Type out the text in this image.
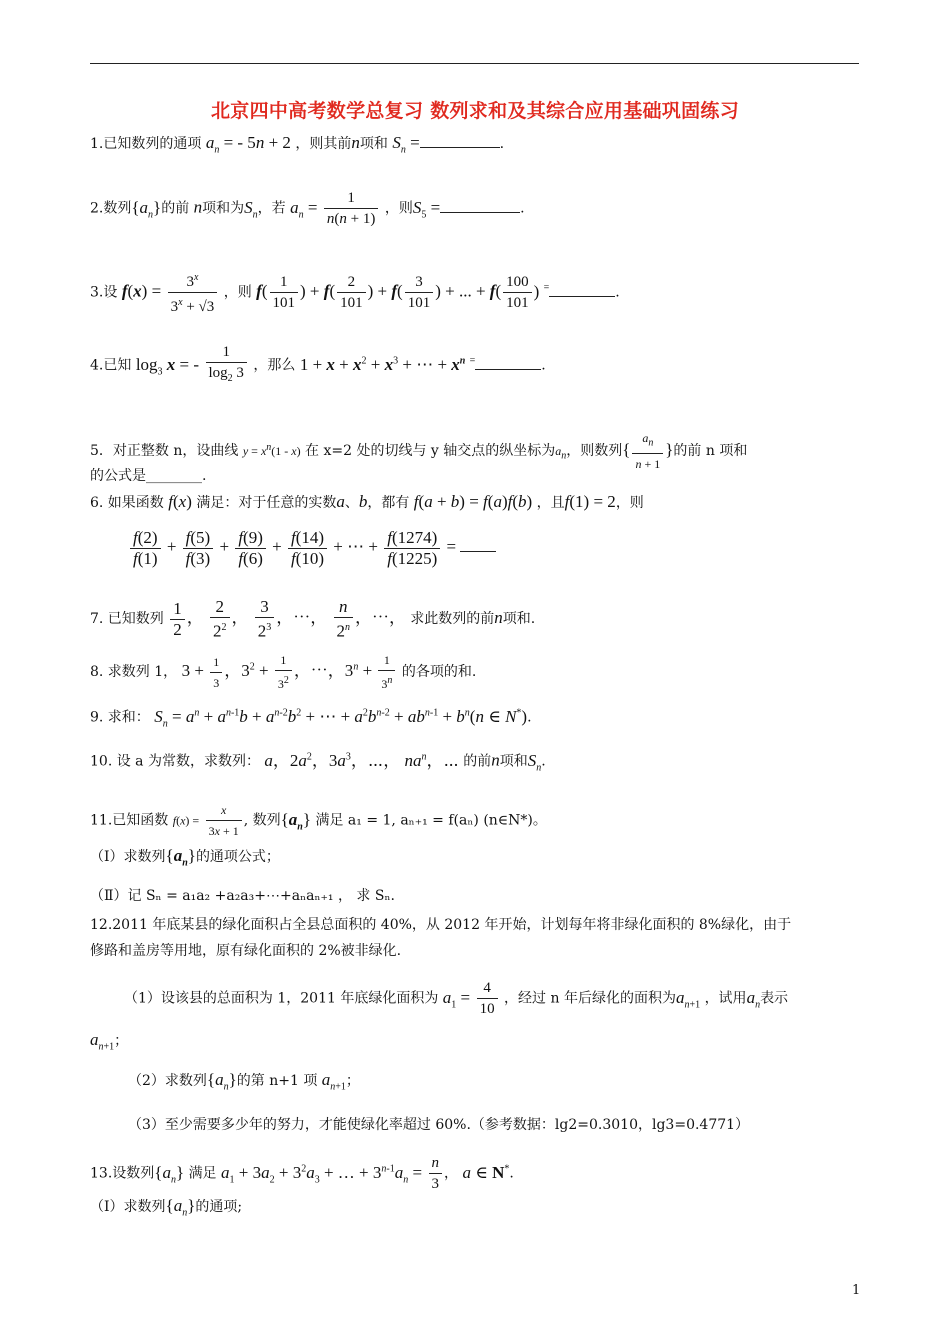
北京四中高考数学总复习 数列求和及其综合应用基础巩固练习
1.已知数列的通项 $a_n$ = - 5n + 2 ，则其前n项和 $S_n$ =	.
2.数列$\{a_n\}$的前 n项和为$S_n$，若 $a_n = \frac{1}{n(n + 1)}$ ，则$S_5$ =	.
3.设 $f(x) = \frac{3^x}{3^x + √3}$ ，则 $f( \frac{1}{101}$ ) + $f( \frac{2}{101}$ ) + $f( \frac{3}{101}$ ) + ... + $f( \frac{100}{101}$ ) =	.
4.已知 $\log_3 x$ = - $\frac{1}{\log_2 3}$ ，那么 $1 + x + x^2 + x^3$ + ⋯ + $x^n$ =	.
5．对正整数 n，设曲线 $y = x^n(1 - x)$ 在 x=2 处的切线与 y 轴交点的纵坐标为$a_n$，则数列{ $\frac{a_n}{n + 1}$ }的前 n 项和
的公式是________.
6. 如果函数 f(x) 满足：对于任意的实数a、b，都有 f(a + b) = f(a)f(b) ，且f(1) = 2，则
$\frac{f(2)}{f(1)} + \frac{f(5)}{f(3)} + \frac{f(9)}{f(6)} + \frac{f(14)}{f(10)}$ + ⋯ + $\frac{f(1274)}{f(1225)}$ =
7. 已知数列 $\frac{1}{2}$ ， $\frac{2}{2^2}$ ， $\frac{3}{2^3}$ ，⋯， $\frac{n}{2^n}$ ，⋯， 求此数列的前n项和.
8. 求数列 1， $3 + \frac{1}{3}$ ，$3^2 + \frac{1}{3^2}$ ，⋯，$3^n + \frac{1}{3^n}$ 的各项的和.
9. 求和： $S_n = a^n + a^{n-1}b + a^{n-2}b^2$ + ⋯ + $a^2b^{n-2} + ab^{n-1} + b^n(n$ ∈ N*).
10. 设 a 为常数，求数列： a，$2a^2$，$3a^3$，⋯， $na^n$，⋯ 的前n项和$S_n$.
11.已知函数 $f(x) = \frac{x}{3x + 1}$ , 数列$\{a_n\}$ 满足 a₁ = 1, aₙ₊₁ = f(aₙ) (n∈N*)。
（Ⅰ）求数列$\{a_n\}$的通项公式；
（Ⅱ）记 Sₙ = a₁a₂ +a₂a₃+⋯+aₙaₙ₊₁ ， 求 Sₙ.
12.2011 年底某县的绿化面积占全县总面积的 40%，从 2012 年开始，计划每年将非绿化面积的 8%绿化，由于
修路和盖房等用地，原有绿化面积的 2%被非绿化.
（1）设该县的总面积为 1，2011 年底绿化面积为 $a_1 = \frac{4}{10}$ ，经过 n 年后绿化的面积为$a_{n+1}$ ，试用$a_n$表示
$a_{n+1}$；
（2）求数列$\{a_n\}$的第 n+1 项 $a_{n+1}$；
（3）至少需要多少年的努力，才能使绿化率超过 60%.（参考数据：lg2=0.3010，lg3=0.4771）
13.设数列$\{a_n\}$ 满足 $a_1 + 3a_2 + 3^2a_3$ + … + $3^{n-1}a_n = \frac{n}{3}$ ， a ∈ N*.
（Ⅰ）求数列$\{a_n\}$的通项;
1
